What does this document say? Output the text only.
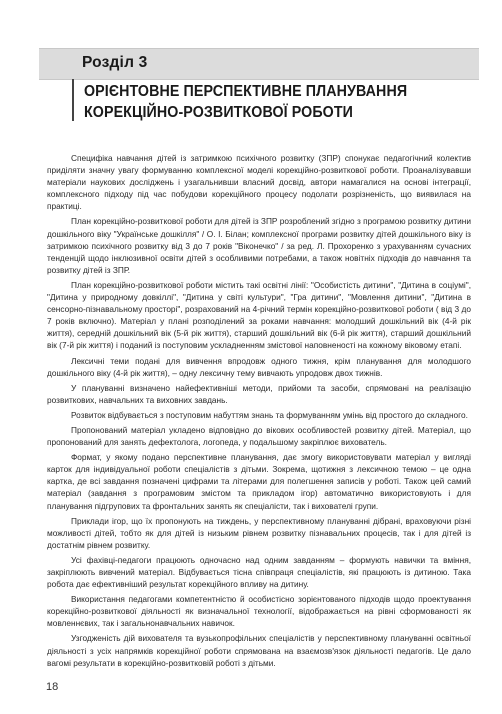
Розділ 3
ОРІЄНТОВНЕ ПЕРСПЕКТИВНЕ ПЛАНУВАННЯ
КОРЕКЦІЙНО-РОЗВИТКОВОЇ РОБОТИ

Специфіка навчання дітей із затримкою психічного розвитку (ЗПР) спонукає педагогічний колектив приділяти значну увагу формуванню комплексної моделі корекційно-розвиткової роботи. Проаналізувавши матеріали наукових досліджень і узагальнивши власний досвід, автори намагалися на основі інтеграції, комплексного підходу під час побудови корекційного процесу подолати розрізненість, що виявилася на практиці.

План корекційно-розвиткової роботи для дітей із ЗПР розроблений згідно з програмою розвитку дитини дошкільного віку "Українське дошкілля" / О. І. Білан; комплексної програми розвитку дітей дошкільного віку із затримкою психічного розвитку від 3 до 7 років "Віконечко" / за ред. Л. Прохоренко з урахуванням сучасних тенденцій щодо інклюзивної освіти дітей з особливими потребами, а також новітніх підходів до навчання та розвитку дітей із ЗПР.

План корекційно-розвиткової роботи містить такі освітні лінії: "Особистість дитини", "Дитина в соціумі", "Дитина у природному довкіллі", "Дитина у світі культури", "Гра дитини", "Мовлення дитини", "Дитина в сенсорно-пізнавальному просторі", розрахований на 4-річний термін корекційно-розвиткової роботи ( від 3 до 7 років включно). Матеріал у плані розподілений за роками навчання: молодший дошкільний вік (4-й рік життя), середній дошкільний вік (5-й рік життя), старший дошкільний вік (6-й рік життя), старший дошкільний вік (7-й рік життя) і поданий із поступовим ускладненням змістової наповненості на кожному віковому етапі.

Лексичні теми подані для вивчення впродовж одного тижня, крім планування для молодшого дошкільного віку (4-й рік життя), – одну лексичну тему вивчають упродовж двох тижнів.

У плануванні визначено найефективніші методи, прийоми та засоби, спрямовані на реалізацію розвиткових, навчальних та виховних завдань.

Розвиток відбувається з поступовим набуттям знань та формуванням умінь від простого до складного.

Пропонований матеріал укладено відповідно до вікових особливостей розвитку дітей. Матеріал, що пропонований для занять дефектолога, логопеда, у подальшому закріплює вихователь.

Формат, у якому подано перспективне планування, дає змогу використовувати матеріал у вигляді карток для індивідуальної роботи спеціалістів з дітьми. Зокрема, щотижня з лексичною темою – це одна картка, де всі завдання позначені цифрами та літерами для полегшення записів у роботі. Також цей самий матеріал (завдання з програмовим змістом та прикладом ігор) автоматично використовують і для планування підгрупових та фронтальних занять як спеціалісти, так і вихователі групи.

Приклади ігор, що їх пропонують на тиждень, у перспективному плануванні дібрані, враховуючи різні можливості дітей, тобто як для дітей із низьким рівнем розвитку пізнавальних процесів, так і для дітей із достатнім рівнем розвитку.

Усі фахівці-педагоги працюють одночасно над одним завданням – формують навички та вміння, закріплюють вивчений матеріал. Відбувається тісна співпраця спеціалістів, які працюють із дитиною. Така робота дає ефективніший результат корекційного впливу на дитину.

Використання педагогами компетентністю й особистісно зорієнтованого підходів щодо проектування корекційно-розвиткової діяльності як визначальної технології, відображається на рівні сформованості як мовленнєвих, так і загальнонавчальних навичок.

Узгодженість дій вихователя та вузькопрофільних спеціалістів у перспективному плануванні освітньої діяльності з усіх напрямків корекційної роботи спрямована на взаємозв'язок діяльності педагогів. Це дало вагомі результати в корекційно-розвитковій роботі з дітьми.

18
